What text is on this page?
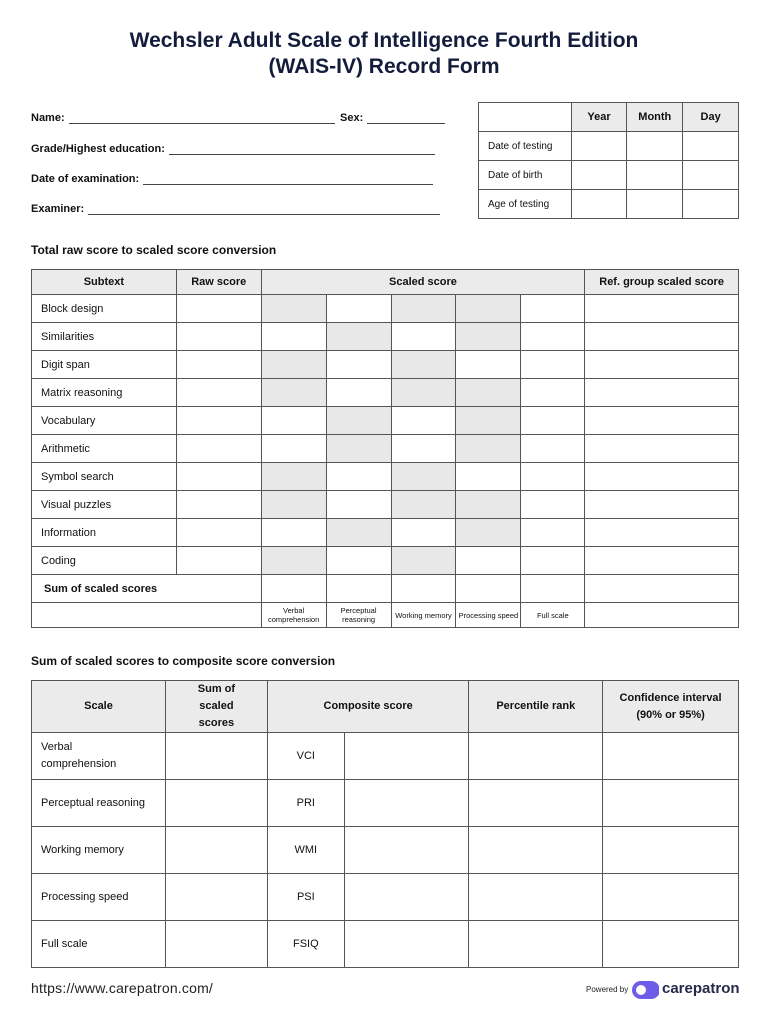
Wechsler Adult Scale of Intelligence Fourth Edition
(WAIS-IV) Record Form
Name:	Sex:
Grade/Highest education:
Date of examination:
Examiner:
	Year	Month	Day
Date of testing			
Date of birth			
Age of testing			
Total raw score to scaled score conversion
Subtext	Raw score	Scaled score					Ref. group scaled score
Block design							
Similarities							
Digit span							
Matrix reasoning							
Vocabulary							
Arithmetic							
Symbol search							
Visual puzzles							
Information							
Coding							
Sum of scaled scores							
		Verbal comprehension	Perceptual reasoning	Working memory	Processing speed	Full scale	
Sum of scaled scores to composite score conversion
Scale	Sum of scaled scores	Composite score		Percentile rank	Confidence interval (90% or 95%)
Verbal comprehension		VCI			
Perceptual reasoning		PRI			
Working memory		WMI			
Processing speed		PSI			
Full scale		FSIQ			
https://www.carepatron.com/	Powered by carepatron
